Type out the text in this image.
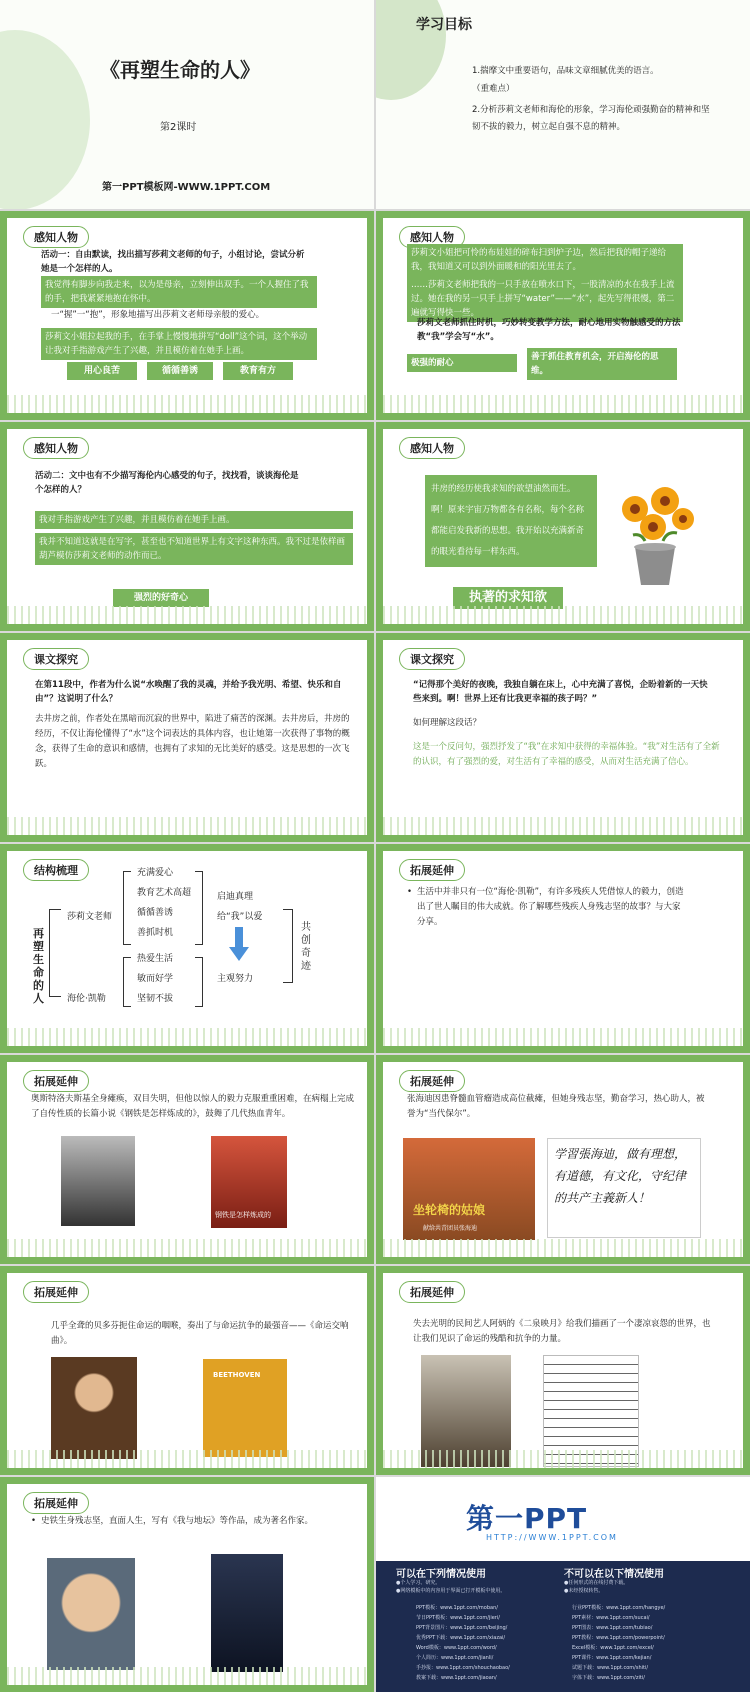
《再塑生命的人》
第2课时
第一PPT模板网-WWW.1PPT.COM
学习目标
1.揣摩文中重要语句，品味文章细腻优美的语言。
（重难点）
2.分析莎莉文老师和海伦的形象，学习海伦顽强勤奋的精神和坚韧不拔的毅力，树立起自强不息的精神。
感知人物
活动一：自由默读，找出描写莎莉文老师的句子，小组讨论，尝试分析她是一个怎样的人。
我觉得有脚步向我走来，以为是母亲，立刻伸出双手。一个人握住了我的手，把我紧紧地抱在怀中。
一“握”一“抱”，形象地描写出莎莉文老师母亲般的爱心。
莎莉文小姐拉起我的手，在手掌上慢慢地拼写“doll”这个词，这个举动让我对手指游戏产生了兴趣，并且模仿着在她手上画。
用心良苦	循循善诱	教育有方
感知人物
莎莉文小姐把可怜的布娃娃的碎布扫到炉子边，然后把我的帽子递给我，我知道又可以到外面暖和的阳光里去了。
……莎莉文老师把我的一只手放在喷水口下，一股清凉的水在我手上流过。她在我的另一只手上拼写“water”——“水”，起先写得很慢，第二遍就写得快一些。
莎莉文老师抓住时机，巧妙转变教学方法，耐心地用实物触感受的方法教“我”学会写“水”。
极强的耐心
善于抓住教育机会，开启海伦的思维。
感知人物
活动二：文中也有不少描写海伦内心感受的句子，找找看，谈谈海伦是个怎样的人？
我对手指游戏产生了兴趣，并且模仿着在她手上画。
我并不知道这就是在写字，甚至也不知道世界上有文字这种东西。我不过是依样画葫芦模仿莎莉文老师的动作而已。
强烈的好奇心
感知人物
井房的经历使我求知的欲望油然而生。啊！原来宇宙万物都各有名称，每个名称都能启发我新的思想。我开始以充满新奇的眼光看待每一样东西。
执著的求知欲
课文探究
在第11段中，作者为什么说“水唤醒了我的灵魂，并给予我光明、希望、快乐和自由”？这说明了什么？
去井房之前，作者处在黑暗而沉寂的世界中，陷进了痛苦的深渊。去井房后，井房的经历，不仅让海伦懂得了“水”这个词表达的具体内容，也让她第一次获得了事物的概念，获得了生命的意识和感情，也拥有了求知的无比美好的感受。这是思想的一次飞跃。
课文探究
“记得那个美好的夜晚，我独自躺在床上，心中充满了喜悦，企盼着新的一天快些来到。啊！世界上还有比我更幸福的孩子吗？”
如何理解这段话？
这是一个反问句，强烈抒发了“我”在求知中获得的幸福体验。“我”对生活有了全新的认识，有了强烈的爱，对生活有了幸福的感受，从而对生活充满了信心。
结构梳理
再塑生命的人
莎莉文老师
海伦·凯勒
充满爱心
教育艺术高超
循循善诱
善抓时机
热爱生活
敏而好学
坚韧不拔
启迪真理
给“我”以爱
主观努力
共创奇迹
拓展延伸
• 生活中并非只有一位“海伦·凯勒”，有许多残疾人凭借惊人的毅力，创造出了世人瞩目的伟大成就。你了解哪些残疾人身残志坚的故事？与大家分享。
拓展延伸
奥斯特洛夫斯基全身瘫痪，双目失明，但他以惊人的毅力克服重重困难，在病榻上完成了自传性质的长篇小说《钢铁是怎样炼成的》，鼓舞了几代热血青年。
钢铁是怎样炼成的
拓展延伸
张海迪因患脊髓血管瘤造成高位截瘫，但她身残志坚，勤奋学习，热心助人，被誉为“当代保尔”。
坐轮椅的姑娘
献给共青团员张海迪
学習張海迪，做有理想，有道德，有文化，守纪律的共产主義新人！
拓展延伸
几乎全聋的贝多芬扼住命运的咽喉，奏出了与命运抗争的最强音——《命运交响曲》。
BEETHOVEN
拓展延伸
失去光明的民间艺人阿炳的《二泉映月》给我们描画了一个凄凉哀怨的世界，也让我们见识了命运的残酷和抗争的力量。
拓展延伸
• 史铁生身残志坚，直面人生，写有《我与地坛》等作品，成为著名作家。	第一PPT
HTTP://WWW.1PPT.COM
可以在下列情况使用	不可以在以下情况使用
●个人学习、研究。
●网络模板中的内容用于界面已打开模板中使用。
●任何形式的在线付费下载。
●未经授权转售。
PPT模板：www.1ppt.com/moban/
节日PPT模板：www.1ppt.com/jieri/
PPT背景图片：www.1ppt.com/beijing/
优秀PPT下载：www.1ppt.com/xiazai/
Word模板：www.1ppt.com/word/
个人简历：www.1ppt.com/jianli/
手抄报：www.1ppt.com/shouchaobao/
教案下载：www.1ppt.com/jiaoan/
行业PPT模板：www.1ppt.com/hangye/
PPT素材：www.1ppt.com/sucai/
PPT图表：www.1ppt.com/tubiao/
PPT教程：www.1ppt.com/powerpoint/
Excel模板：www.1ppt.com/excel/
PPT课件：www.1ppt.com/kejian/
试题下载：www.1ppt.com/shiti/
字体下载：www.1ppt.com/ziti/
